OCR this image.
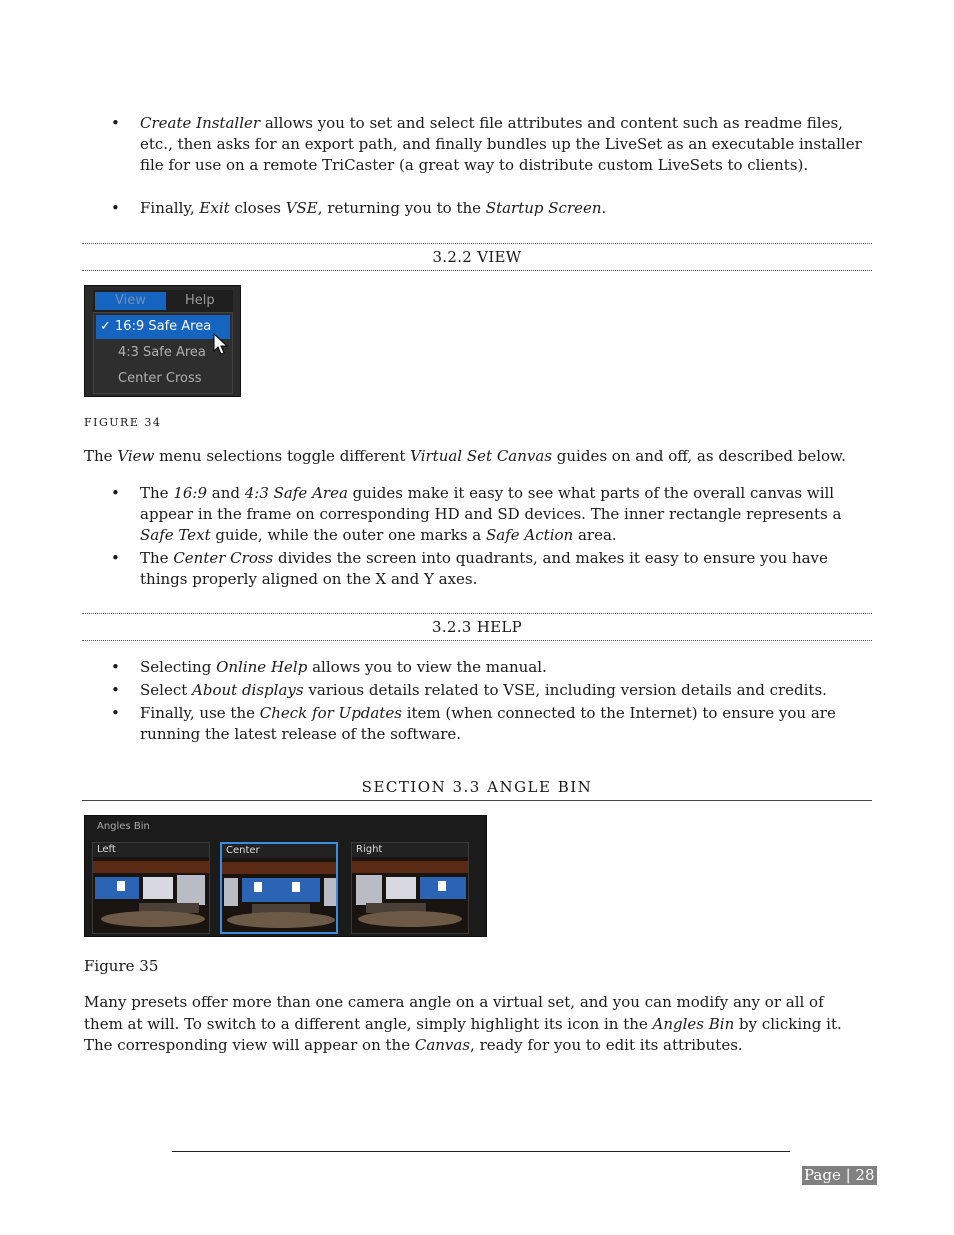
• Create Installer allows you to set and select file attributes and content such as readme files, etc., then asks for an export path, and finally bundles up the LiveSet as an executable installer file for use on a remote TriCaster (a great way to distribute custom LiveSets to clients).
• Finally, Exit closes VSE, returning you to the Startup Screen.
3.2.2 VIEW
View	Help
✓ 16:9 Safe Area
4:3 Safe Area
Center Cross
FIGURE 34

The View menu selections toggle different Virtual Set Canvas guides on and off, as described below.

• The 16:9 and 4:3 Safe Area guides make it easy to see what parts of the overall canvas will appear in the frame on corresponding HD and SD devices. The inner rectangle represents a Safe Text guide, while the outer one marks a Safe Action area.
• The Center Cross divides the screen into quadrants, and makes it easy to ensure you have things properly aligned on the X and Y axes.
3.2.3 HELP
• Selecting Online Help allows you to view the manual.
• Select About displays various details related to VSE, including version details and credits.
• Finally, use the Check for Updates item (when connected to the Internet) to ensure you are running the latest release of the software.
SECTION 3.3 ANGLE BIN
Angles Bin
Left	Center	Right
Figure 35

Many presets offer more than one camera angle on a virtual set, and you can modify any or all of them at will. To switch to a different angle, simply highlight its icon in the Angles Bin by clicking it. The corresponding view will appear on the Canvas, ready for you to edit its attributes.

Page | 28
